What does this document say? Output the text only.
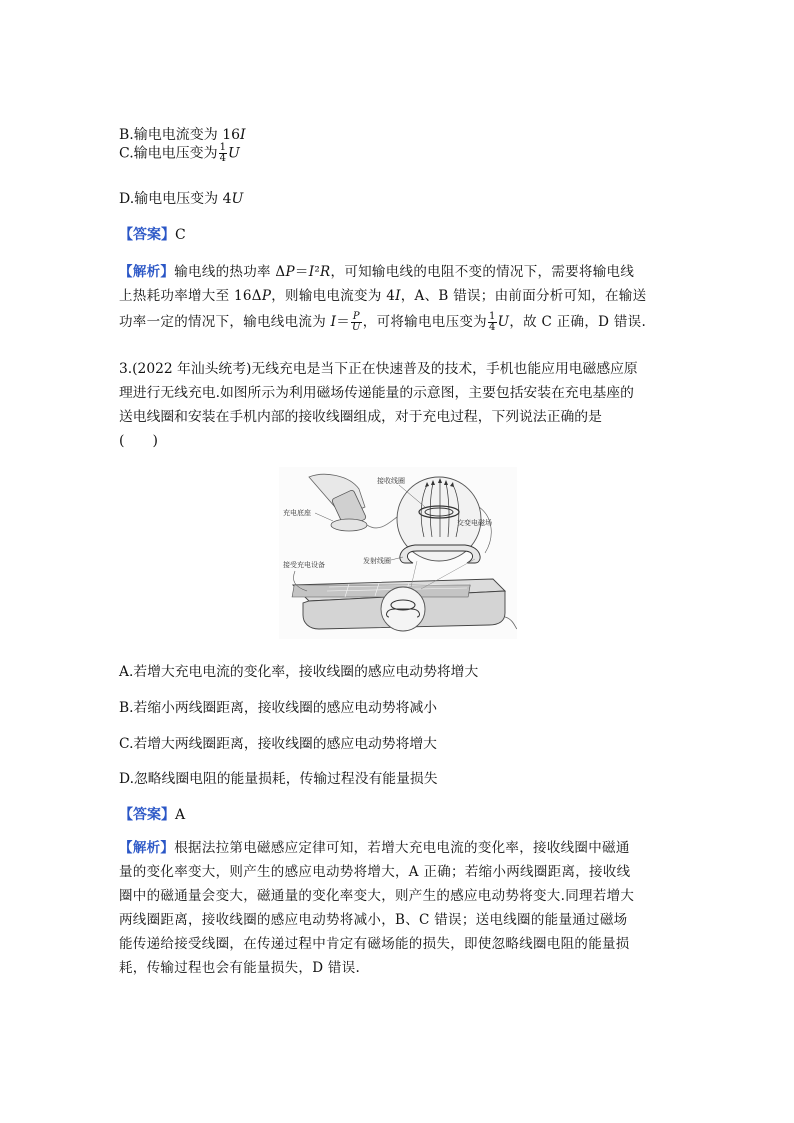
B.输电电流变为 16I
C.输电电压变为 $\frac{1}{4}$ U
D.输电电压变为 4U
【答案】C
【解析】输电线的热功率 ΔP＝I²R，可知输电线的电阻不变的情况下，需要将输电线
上热耗功率增大至 16ΔP，则输电电流变为 4I，A、B 错误；由前面分析可知，在输送
功率一定的情况下，输电线电流为 $I= \frac{P}{U}$ ，可将输电电压变为 $\frac{1}{4}$ U，故 C 正确，D 错误.
3.(2022 年汕头统考)无线充电是当下正在快速普及的技术，手机也能应用电磁感应原
理进行无线充电.如图所示为利用磁场传递能量的示意图，主要包括安装在充电基座的
送电线圈和安装在手机内部的接收线圈组成，对于充电过程，下列说法正确的是
(　　)
充电底座
接收线圈
交变电磁场
发射线圈
接受充电设备
A.若增大充电电流的变化率，接收线圈的感应电动势将增大
B.若缩小两线圈距离，接收线圈的感应电动势将减小
C.若增大两线圈距离，接收线圈的感应电动势将增大
D.忽略线圈电阻的能量损耗，传输过程没有能量损失
【答案】A
【解析】根据法拉第电磁感应定律可知，若增大充电电流的变化率，接收线圈中磁通
量的变化率变大，则产生的感应电动势将增大，A 正确；若缩小两线圈距离，接收线
圈中的磁通量会变大，磁通量的变化率变大，则产生的感应电动势将变大.同理若增大
两线圈距离，接收线圈的感应电动势将减小，B、C 错误；送电线圈的能量通过磁场
能传递给接受线圈，在传递过程中肯定有磁场能的损失，即使忽略线圈电阻的能量损
耗，传输过程也会有能量损失，D 错误.
